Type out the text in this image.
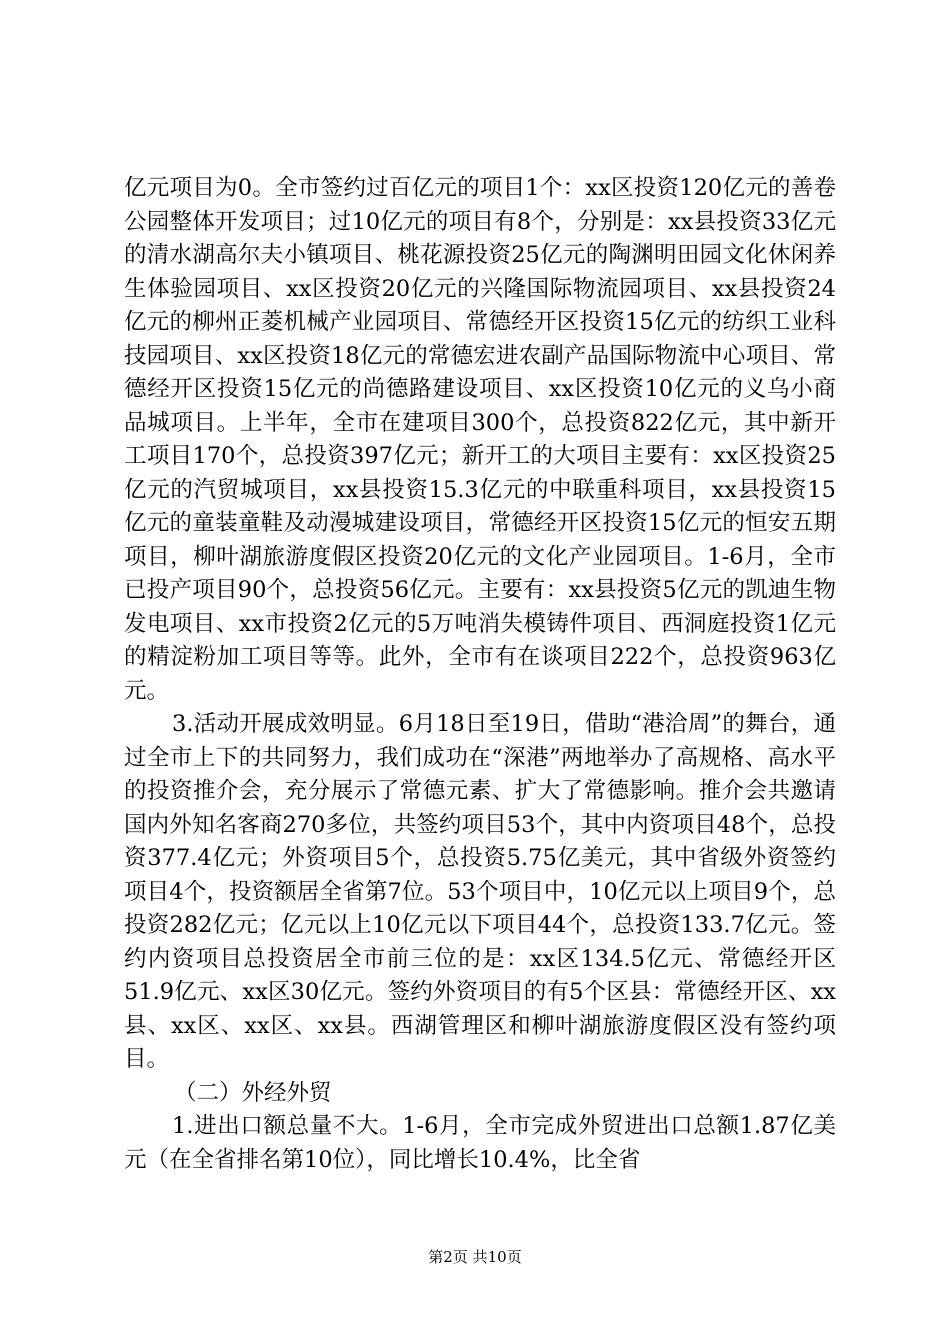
亿元项目为0。全市签约过百亿元的项目1个：xx区投资120亿元的善卷公园整体开发项目；过10亿元的项目有8个，分别是：xx县投资33亿元的清水湖高尔夫小镇项目、桃花源投资25亿元的陶渊明田园文化休闲养生体验园项目、xx区投资20亿元的兴隆国际物流园项目、xx县投资24亿元的柳州正菱机械产业园项目、常德经开区投资15亿元的纺织工业科技园项目、xx区投资18亿元的常德宏进农副产品国际物流中心项目、常德经开区投资15亿元的尚德路建设项目、xx区投资10亿元的义乌小商品城项目。上半年，全市在建项目300个，总投资822亿元，其中新开工项目170个，总投资397亿元；新开工的大项目主要有：xx区投资25亿元的汽贸城项目，xx县投资15.3亿元的中联重科项目，xx县投资15亿元的童装童鞋及动漫城建设项目，常德经开区投资15亿元的恒安五期项目，柳叶湖旅游度假区投资20亿元的文化产业园项目。1-6月，全市已投产项目90个，总投资56亿元。主要有：xx县投资5亿元的凯迪生物发电项目、xx市投资2亿元的5万吨消失模铸件项目、西洞庭投资1亿元的精淀粉加工项目等等。此外，全市有在谈项目222个，总投资963亿元。

3.活动开展成效明显。6月18日至19日，借助“港洽周”的舞台，通过全市上下的共同努力，我们成功在“深港”两地举办了高规格、高水平的投资推介会，充分展示了常德元素、扩大了常德影响。推介会共邀请国内外知名客商270多位，共签约项目53个，其中内资项目48个，总投资377.4亿元；外资项目5个，总投资5.75亿美元，其中省级外资签约项目4个，投资额居全省第7位。53个项目中，10亿元以上项目9个，总投资282亿元；亿元以上10亿元以下项目44个，总投资133.7亿元。签约内资项目总投资居全市前三位的是：xx区134.5亿元、常德经开区51.9亿元、xx区30亿元。签约外资项目的有5个区县：常德经开区、xx县、xx区、xx区、xx县。西湖管理区和柳叶湖旅游度假区没有签约项目。

（二）外经外贸

1.进出口额总量不大。1-6月，全市完成外贸进出口总额1.87亿美元（在全省排名第10位），同比增长10.4%，比全省

第2页 共10页
